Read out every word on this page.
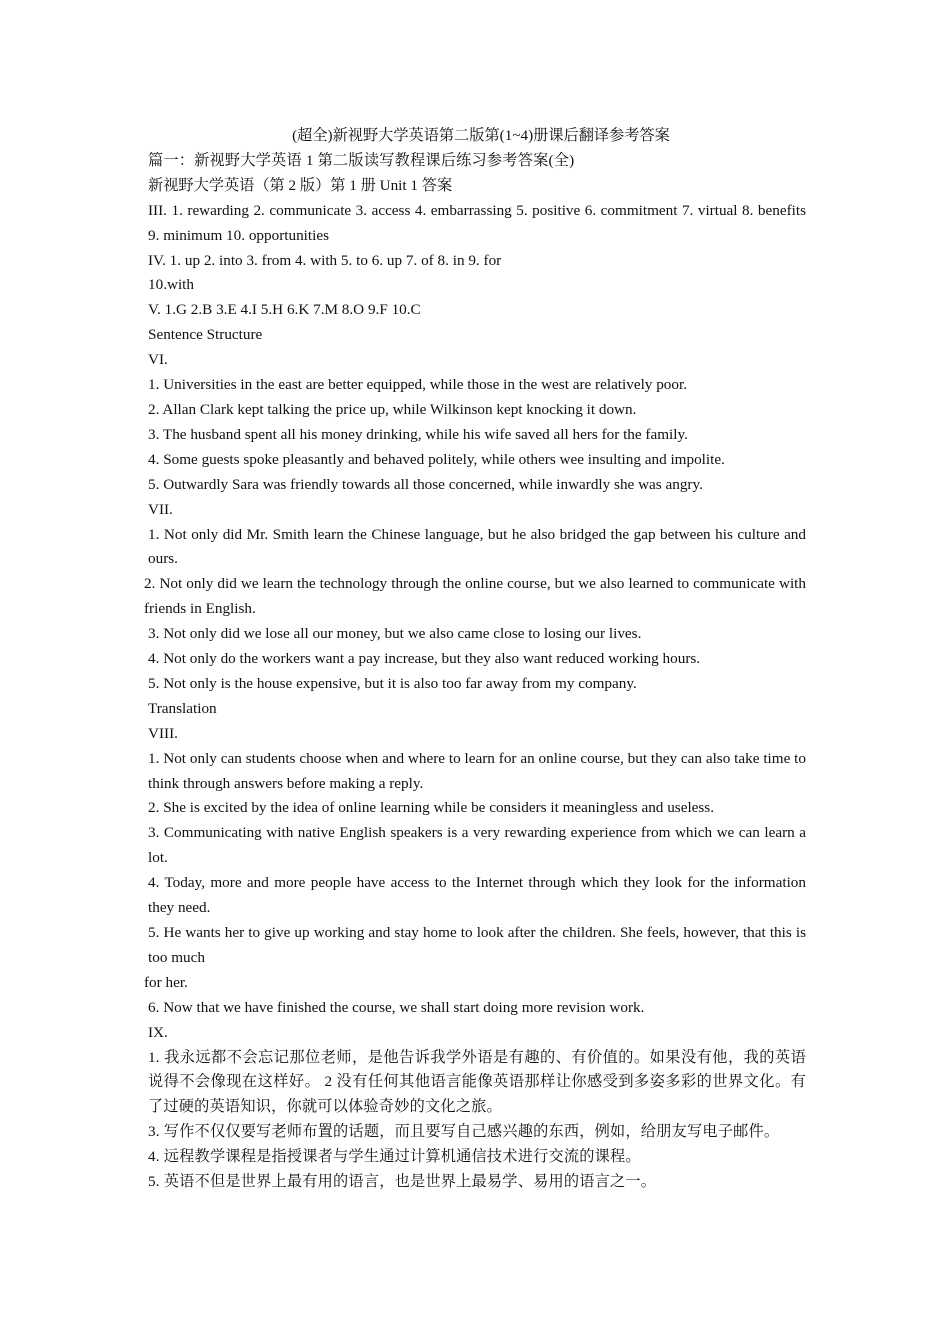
(超全)新视野大学英语第二版第(1~4)册课后翻译参考答案

篇一：新视野大学英语 1 第二版读写教程课后练习参考答案(全)

新视野大学英语（第 2 版）第 1 册 Unit 1 答案

III. 1. rewarding 2. communicate 3. access 4. embarrassing 5. positive 6. commitment 7. virtual 8. benefits 9. minimum 10. opportunities

IV. 1. up 2. into 3. from 4. with 5. to 6. up 7. of 8. in 9. for

10.with

V. 1.G 2.B 3.E 4.I 5.H 6.K 7.M 8.O 9.F 10.C

Sentence Structure

VI.

1. Universities in the east are better equipped, while those in the west are relatively poor.

2. Allan Clark kept talking the price up, while Wilkinson kept knocking it down.

3. The husband spent all his money drinking, while his wife saved all hers for the family.

4. Some guests spoke pleasantly and behaved politely, while others wee insulting and impolite.

5. Outwardly Sara was friendly towards all those concerned, while inwardly she was angry.

VII.

1. Not only did Mr. Smith learn the Chinese language, but he also bridged the gap between his culture and ours.

2. Not only did we learn the technology through the online course, but we also learned to communicate with friends in English.

3. Not only did we lose all our money, but we also came close to losing our lives.

4. Not only do the workers want a pay increase, but they also want reduced working hours.

5. Not only is the house expensive, but it is also too far away from my company.

Translation

VIII.

1. Not only can students choose when and where to learn for an online course, but they can also take time to think through answers before making a reply.

2. She is excited by the idea of online learning while be considers it meaningless and useless.

3. Communicating with native English speakers is a very rewarding experience from which we can learn a lot.

4. Today, more and more people have access to the Internet through which they look for the information they need.

5. He wants her to give up working and stay home to look after the children. She feels, however, that this is too much

for her.

6. Now that we have finished the course, we shall start doing more revision work.

IX.

1. 我永远都不会忘记那位老师，是他告诉我学外语是有趣的、有价值的。如果没有他，我的英语说得不会像现在这样好。 2 没有任何其他语言能像英语那样让你感受到多姿多彩的世界文化。有了过硬的英语知识，你就可以体验奇妙的文化之旅。

3. 写作不仅仅要写老师布置的话题，而且要写自己感兴趣的东西，例如，给朋友写电子邮件。

4. 远程教学课程是指授课者与学生通过计算机通信技术进行交流的课程。

5. 英语不但是世界上最有用的语言，也是世界上最易学、易用的语言之一。
